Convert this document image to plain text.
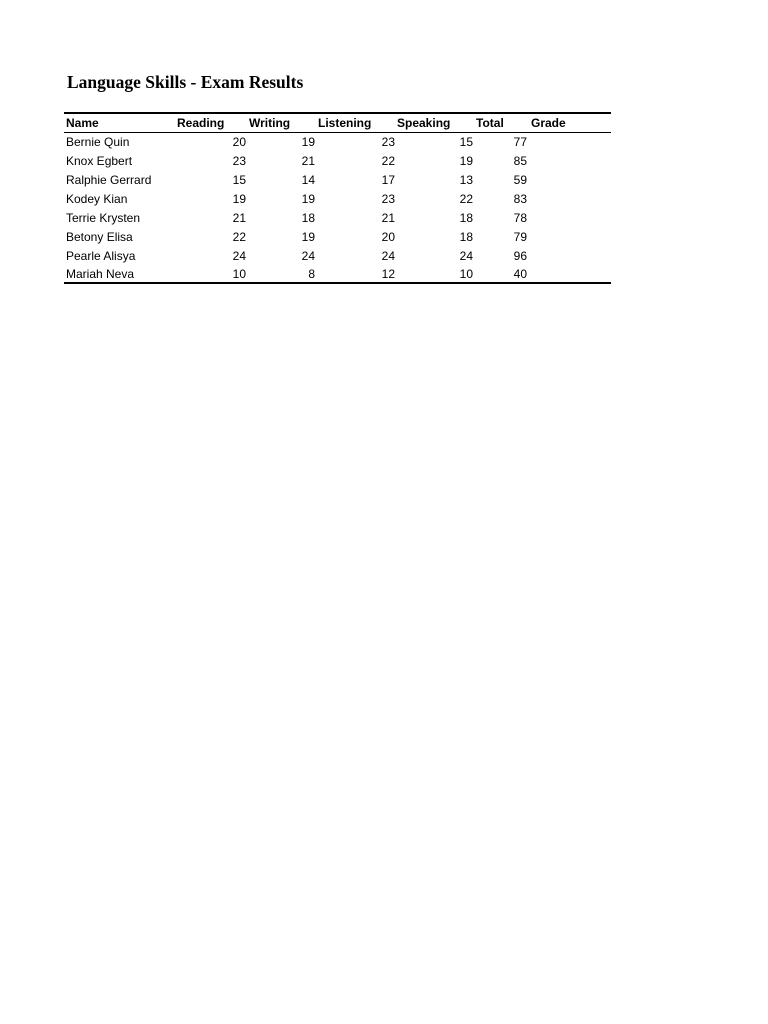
Language Skills - Exam Results
Name	Reading	Writing	Listening	Speaking	Total	Grade
Bernie Quin	20	19	23	15	77
Knox Egbert	23	21	22	19	85
Ralphie Gerrard	15	14	17	13	59
Kodey Kian	19	19	23	22	83
Terrie Krysten	21	18	21	18	78
Betony Elisa	22	19	20	18	79
Pearle Alisya	24	24	24	24	96
Mariah Neva	10	8	12	10	40
